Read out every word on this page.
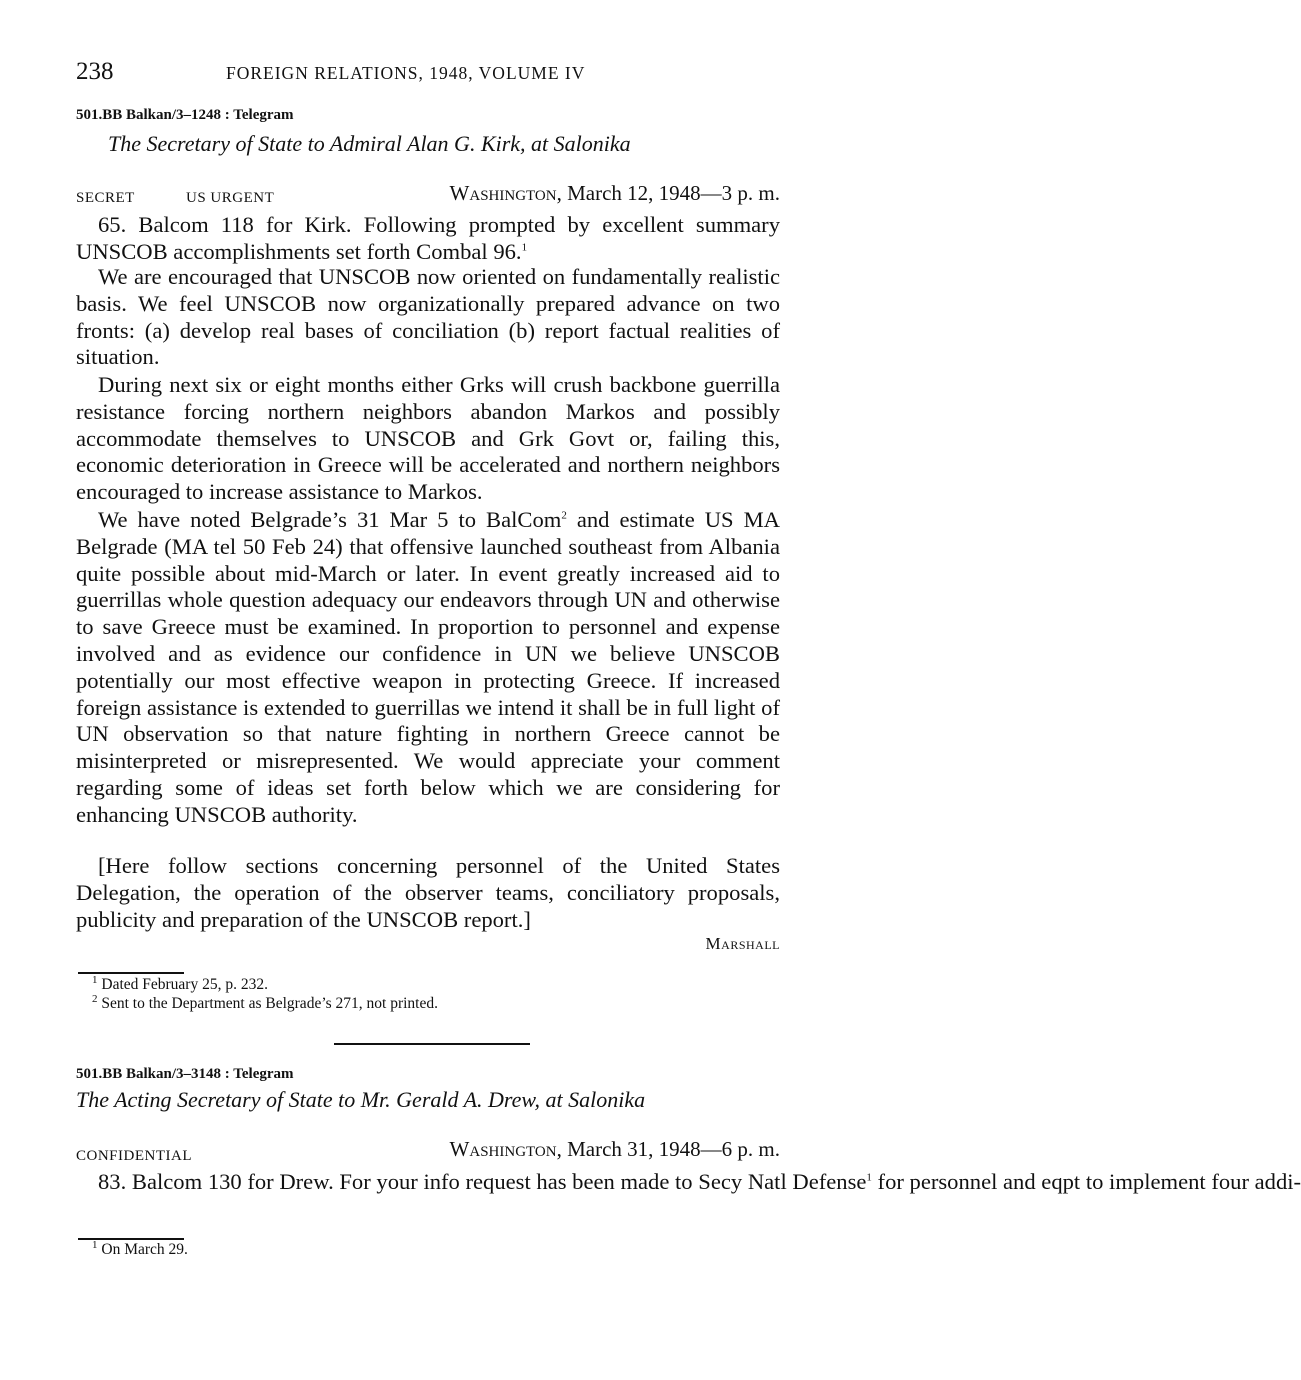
238	FOREIGN RELATIONS, 1948, VOLUME IV
501.BB Balkan/3–1248 : Telegram
The Secretary of State to Admiral Alan G. Kirk, at Salonika
SECRET	US URGENT	Washington, March 12, 1948—3 p. m.
65. Balcom 118 for Kirk. Following prompted by excellent summary UNSCOB accomplishments set forth Combal 96.$^1$
We are encouraged that UNSCOB now oriented on fundamentally realistic basis. We feel UNSCOB now organizationally prepared advance on two fronts: (a) develop real bases of conciliation (b) report factual realities of situation.
During next six or eight months either Grks will crush backbone guerrilla resistance forcing northern neighbors abandon Markos and possibly accommodate themselves to UNSCOB and Grk Govt or, failing this, economic deterioration in Greece will be accelerated and northern neighbors encouraged to increase assistance to Markos.
We have noted Belgrade’s 31 Mar 5 to BalCom$^2$ and estimate US MA Belgrade (MA tel 50 Feb 24) that offensive launched southeast from Albania quite possible about mid-March or later. In event greatly increased aid to guerrillas whole question adequacy our endeavors through UN and otherwise to save Greece must be examined. In proportion to personnel and expense involved and as evidence our confidence in UN we believe UNSCOB potentially our most effective weapon in protecting Greece. If increased foreign assistance is extended to guerrillas we intend it shall be in full light of UN observation so that nature fighting in northern Greece cannot be misinterpreted or misrepresented. We would appreciate your comment regarding some of ideas set forth below which we are considering for enhancing UNSCOB authority.
[Here follow sections concerning personnel of the United States Delegation, the operation of the observer teams, conciliatory proposals, publicity and preparation of the UNSCOB report.]
Marshall
$^1$ Dated February 25, p. 232.
$^2$ Sent to the Department as Belgrade’s 271, not printed.
501.BB Balkan/3–3148 : Telegram
The Acting Secretary of State to Mr. Gerald A. Drew, at Salonika
CONFIDENTIAL	Washington, March 31, 1948—6 p. m.
83. Balcom 130 for Drew. For your info request has been made to Secy Natl Defense$^1$ for personnel and eqpt to implement four addi-
$^1$ On March 29.
